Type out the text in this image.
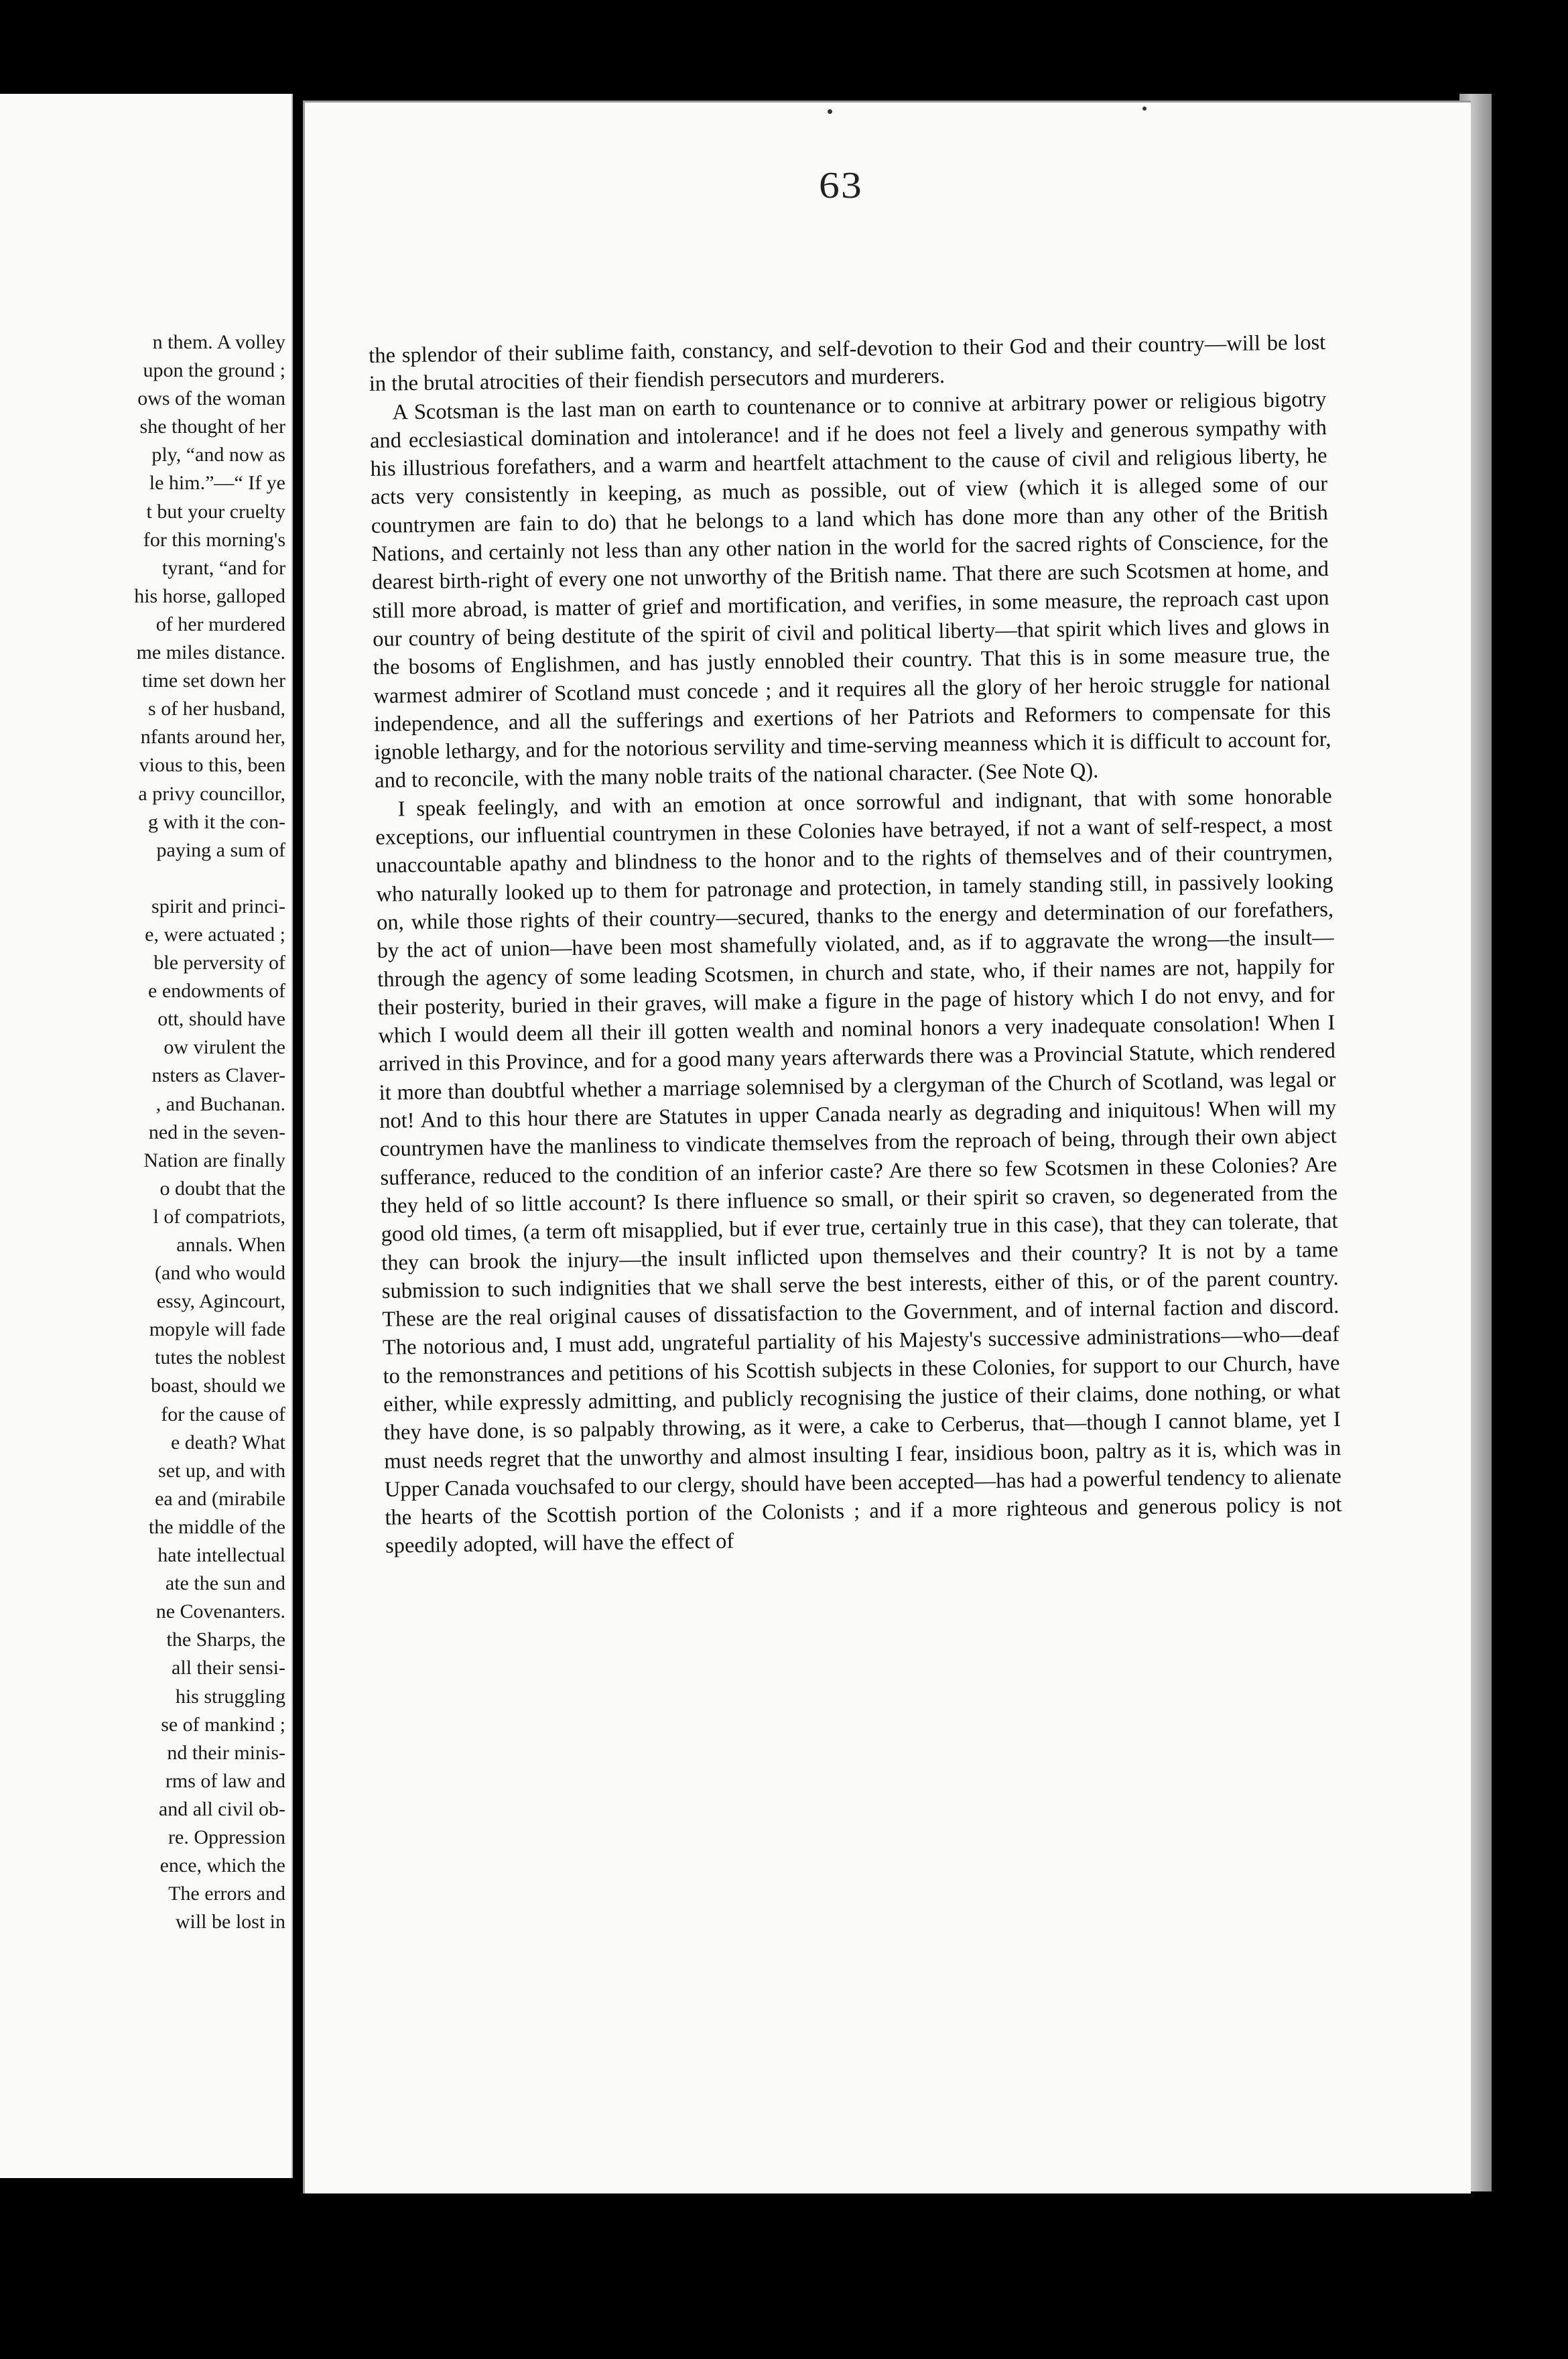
n them. A volley
upon the ground ;
ows of the woman
she thought of her
ply, “and now as
le him.”—“ If ye
t but your cruelty
for this morning's
tyrant, “and for
his horse, galloped
of her murdered
me miles distance.
time set down her
s of her husband,
nfants around her,
vious to this, been
a privy councillor,
g with it the con-
paying a sum of

spirit and princi-
e, were actuated ;
ble perversity of
e endowments of
ott, should have
ow virulent the
nsters as Claver-
, and Buchanan.
ned in the seven-
Nation are finally
o doubt that the
l of compatriots,
annals. When
(and who would
essy, Agincourt,
mopyle will fade
tutes the noblest
boast, should we
for the cause of
e death? What
set up, and with
ea and (mirabile
the middle of the
hate intellectual
ate the sun and
ne Covenanters.
the Sharps, the
all their sensi-
his struggling
se of mankind ;
nd their minis-
rms of law and
and all civil ob-
re. Oppression
ence, which the
The errors and
will be lost in
63

the splendor of their sublime faith, constancy, and self-devotion to their God and their country—will be lost in the brutal atrocities of their fiendish persecutors and murderers.

A Scotsman is the last man on earth to countenance or to connive at arbitrary power or religious bigotry and ecclesiastical domination and intolerance! and if he does not feel a lively and generous sympathy with his illustrious forefathers, and a warm and heartfelt attachment to the cause of civil and religious liberty, he acts very consistently in keeping, as much as possible, out of view (which it is alleged some of our countrymen are fain to do) that he belongs to a land which has done more than any other of the British Nations, and certainly not less than any other nation in the world for the sacred rights of Conscience, for the dearest birth-right of every one not unworthy of the British name. That there are such Scotsmen at home, and still more abroad, is matter of grief and mortification, and verifies, in some measure, the reproach cast upon our country of being destitute of the spirit of civil and political liberty—that spirit which lives and glows in the bosoms of Englishmen, and has justly ennobled their country. That this is in some measure true, the warmest admirer of Scotland must concede ; and it requires all the glory of her heroic struggle for national independence, and all the sufferings and exertions of her Patriots and Reformers to compensate for this ignoble lethargy, and for the notorious servility and time-serving meanness which it is difficult to account for, and to reconcile, with the many noble traits of the national character. (See Note Q).

I speak feelingly, and with an emotion at once sorrowful and indignant, that with some honorable exceptions, our influential countrymen in these Colonies have betrayed, if not a want of self-respect, a most unaccountable apathy and blindness to the honor and to the rights of themselves and of their countrymen, who naturally looked up to them for patronage and protection, in tamely standing still, in passively looking on, while those rights of their country—secured, thanks to the energy and determination of our forefathers, by the act of union—have been most shamefully violated, and, as if to aggravate the wrong—the insult—through the agency of some leading Scotsmen, in church and state, who, if their names are not, happily for their posterity, buried in their graves, will make a figure in the page of history which I do not envy, and for which I would deem all their ill gotten wealth and nominal honors a very inadequate consolation! When I arrived in this Province, and for a good many years afterwards there was a Provincial Statute, which rendered it more than doubtful whether a marriage solemnised by a clergyman of the Church of Scotland, was legal or not! And to this hour there are Statutes in upper Canada nearly as degrading and iniquitous! When will my countrymen have the manliness to vindicate themselves from the reproach of being, through their own abject sufferance, reduced to the condition of an inferior caste? Are there so few Scotsmen in these Colonies? Are they held of so little account? Is there influence so small, or their spirit so craven, so degenerated from the good old times, (a term oft misapplied, but if ever true, certainly true in this case), that they can tolerate, that they can brook the injury—the insult inflicted upon themselves and their country? It is not by a tame submission to such indignities that we shall serve the best interests, either of this, or of the parent country. These are the real original causes of dissatisfaction to the Government, and of internal faction and discord. The notorious and, I must add, ungrateful partiality of his Majesty's successive administrations—who—deaf to the remonstrances and petitions of his Scottish subjects in these Colonies, for support to our Church, have either, while expressly admitting, and publicly recognising the justice of their claims, done nothing, or what they have done, is so palpably throwing, as it were, a cake to Cerberus, that—though I cannot blame, yet I must needs regret that the unworthy and almost insulting I fear, insidious boon, paltry as it is, which was in Upper Canada vouchsafed to our clergy, should have been accepted—has had a powerful tendency to alienate the hearts of the Scottish portion of the Colonists ; and if a more righteous and generous policy is not speedily adopted, will have the effect of
